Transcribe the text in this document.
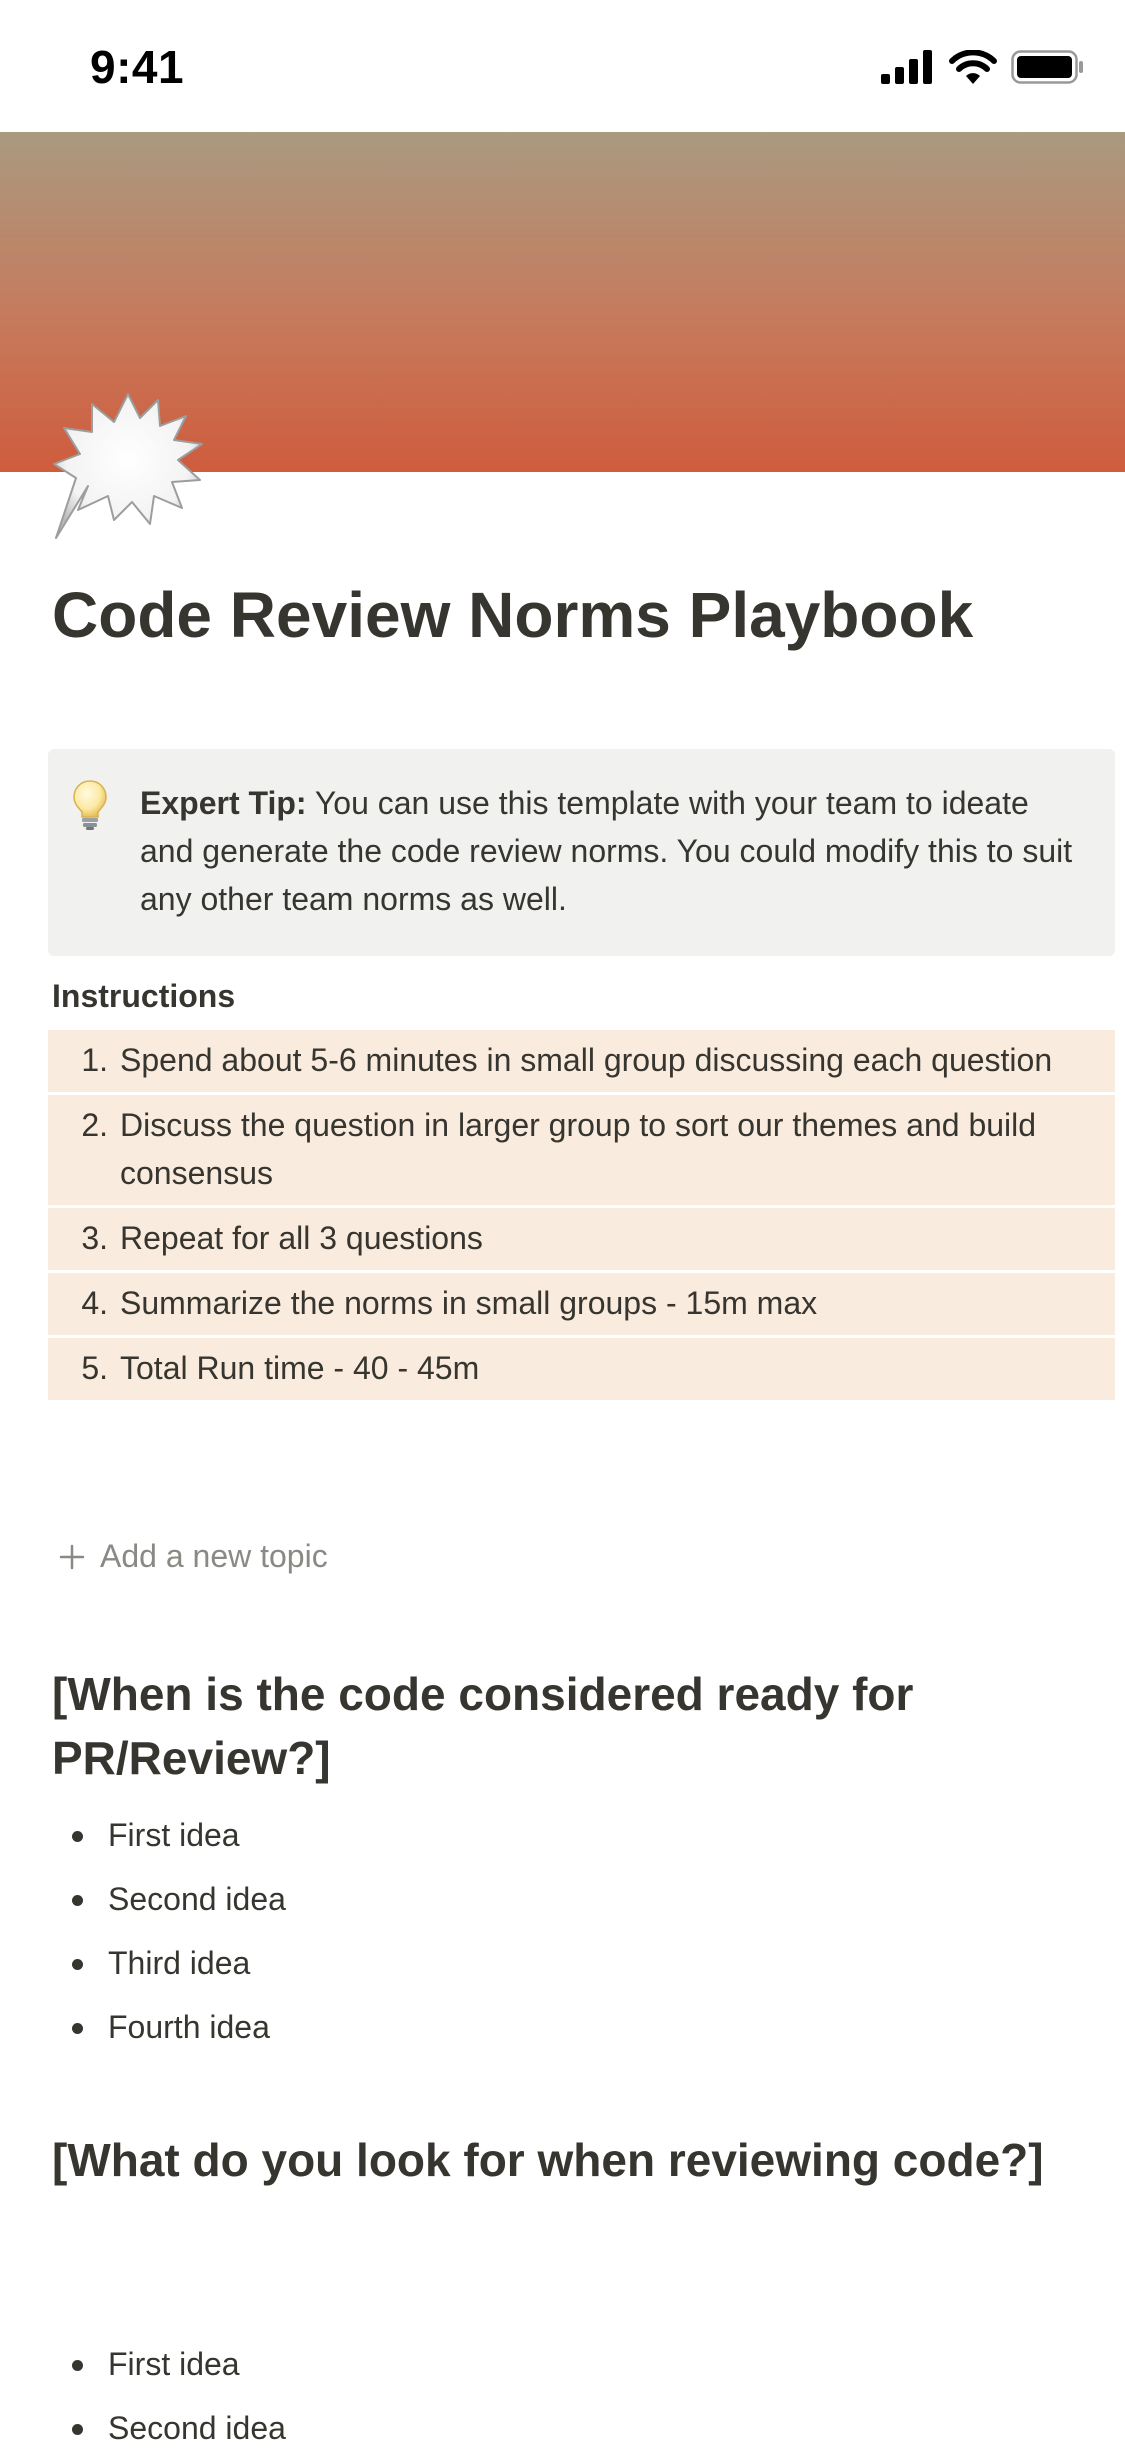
9:41
Code Review Norms Playbook
Expert Tip: You can use this template with your team to ideate and generate the code review norms. You could modify this to suit any other team norms as well.
Instructions
1. Spend about 5-6 minutes in small group discussing each question
2. Discuss the question in larger group to sort our themes and build consensus
3. Repeat for all 3 questions
4. Summarize the norms in small groups - 15m max
5. Total Run time - 40 - 45m
Add a new topic
[When is the code considered ready for PR/Review?]
First idea
Second idea
Third idea
Fourth idea
[What do you look for when reviewing code?]
First idea
Second idea
